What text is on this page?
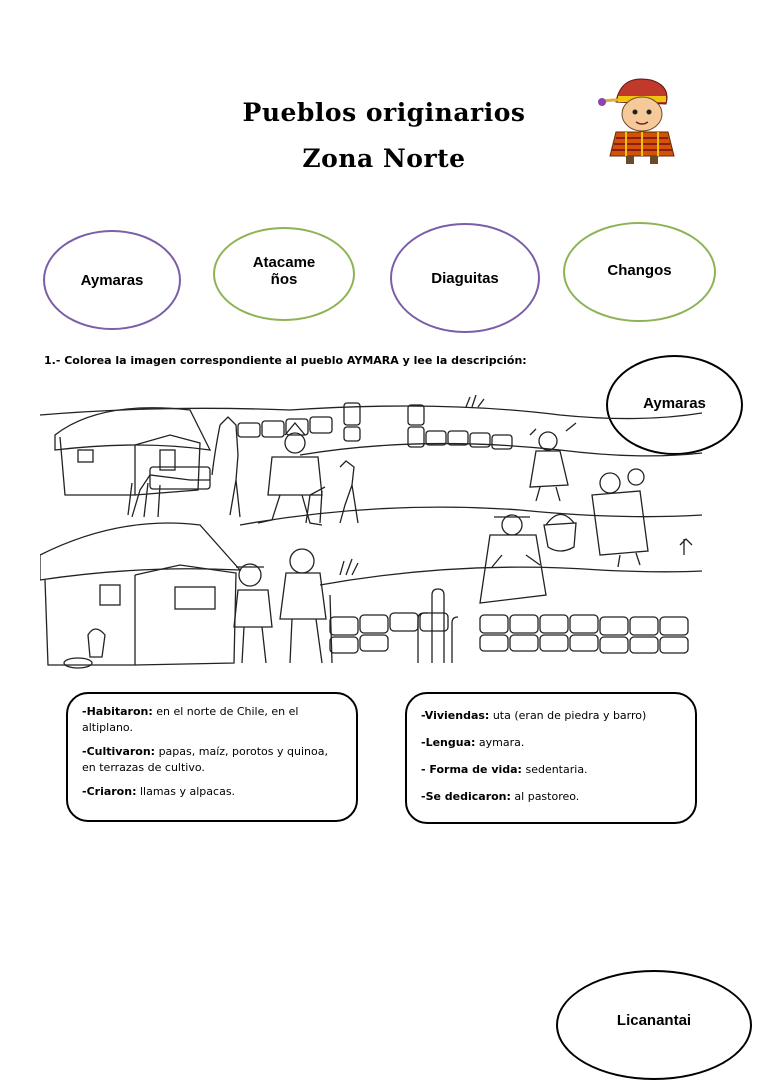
Pueblos originarios
Zona Norte
Aymaras
Atacame ños	Diaguitas	Changos
1.- Colorea la imagen correspondiente al pueblo AYMARA y lee la descripción:
Aymaras

-Habitaron: en el norte de Chile, en el altiplano.

-Cultivaron: papas, maíz, porotos y quinoa, en terrazas de cultivo.

-Criaron: llamas y alpacas.

-Viviendas: uta (eran de piedra y barro)

-Lengua: aymara.

- Forma de vida: sedentaria.

-Se dedicaron: al pastoreo.

Licanantai
